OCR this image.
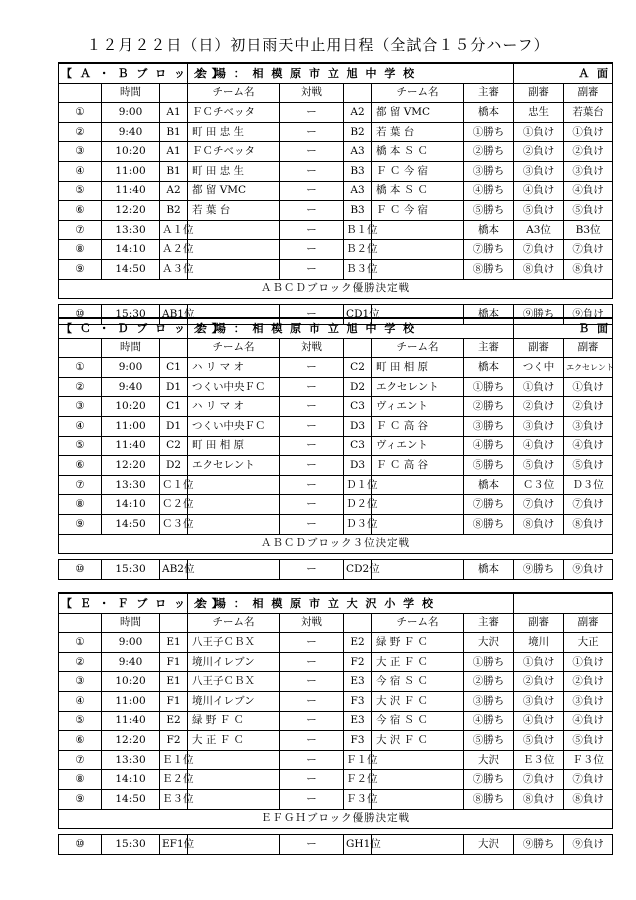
１２月２２日（日）初日雨天中止用日程（全試合１５分ハーフ）
【 Ａ ・ Ｂ ブ ロ ッ ク 】			会 場 ： 相 模 原 市 立 旭 中 学 校					Ａ 面	
	時間		チーム名	対戦		チーム名	主審	副審	副審
①	9:00	A1	ＦＣチベッタ	ー	A2	都 留 VMC	橋本	忠生	若葉台
②	9:40	B1	町 田 忠 生	ー	B2	若 葉 台	①勝ち	①負け	①負け
③	10:20	A1	ＦＣチベッタ	ー	A3	橋 本 Ｓ Ｃ	②勝ち	②負け	②負け
④	11:00	B1	町 田 忠 生	ー	B3	Ｆ Ｃ 今 宿	③勝ち	③負け	③負け
⑤	11:40	A2	都 留 VMC	ー	A3	橋 本 Ｓ Ｃ	④勝ち	④負け	④負け
⑥	12:20	B2	若 葉 台	ー	B3	Ｆ Ｃ 今 宿	⑤勝ち	⑤負け	⑤負け
⑦	13:30	Ａ１位		ー	Ｂ１位		橋本	A3位	B3位
⑧	14:10	Ａ２位		ー	Ｂ２位		⑦勝ち	⑦負け	⑦負け
⑨	14:50	Ａ３位		ー	Ｂ３位		⑧勝ち	⑧負け	⑧負け
ＡＢＣＤブロック優勝決定戦									

⑩	15:30	AB1位		ー	CD1位		橋本	⑨勝ち	⑨負け
【 Ｃ ・ Ｄ ブ ロ ッ ク 】			会 場 ： 相 模 原 市 立 旭 中 学 校					Ｂ 面	
	時間		チーム名	対戦		チーム名	主審	副審	副審
①	9:00	C1	ハ リ マ オ	ー	C2	町 田 相 原	橋本	つく中	エクセレント
②	9:40	D1	つくい中央ＦＣ	ー	D2	エクセレント	①勝ち	①負け	①負け
③	10:20	C1	ハ リ マ オ	ー	C3	ヴィエント	②勝ち	②負け	②負け
④	11:00	D1	つくい中央ＦＣ	ー	D3	Ｆ Ｃ 高 谷	③勝ち	③負け	③負け
⑤	11:40	C2	町 田 相 原	ー	C3	ヴィエント	④勝ち	④負け	④負け
⑥	12:20	D2	エクセレント	ー	D3	Ｆ Ｃ 高 谷	⑤勝ち	⑤負け	⑤負け
⑦	13:30	Ｃ１位		ー	Ｄ１位		橋本	Ｃ３位	Ｄ３位
⑧	14:10	Ｃ２位		ー	Ｄ２位		⑦勝ち	⑦負け	⑦負け
⑨	14:50	Ｃ３位		ー	Ｄ３位		⑧勝ち	⑧負け	⑧負け
ＡＢＣＤブロック３位決定戦									

⑩	15:30	AB2位		ー	CD2位		橋本	⑨勝ち	⑨負け
【 Ｅ ・ Ｆ ブ ロ ッ ク 】			会 場 ： 相 模 原 市 立 大 沢 小 学 校						
	時間		チーム名	対戦		チーム名	主審	副審	副審
①	9:00	E1	八王子ＣＢＸ	ー	E2	緑 野 Ｆ Ｃ	大沢	境川	大正
②	9:40	F1	境川イレブン	ー	F2	大 正 Ｆ Ｃ	①勝ち	①負け	①負け
③	10:20	E1	八王子ＣＢＸ	ー	E3	今 宿 Ｓ Ｃ	②勝ち	②負け	②負け
④	11:00	F1	境川イレブン	ー	F3	大 沢 Ｆ Ｃ	③勝ち	③負け	③負け
⑤	11:40	E2	緑 野 Ｆ Ｃ	ー	E3	今 宿 Ｓ Ｃ	④勝ち	④負け	④負け
⑥	12:20	F2	大 正 Ｆ Ｃ	ー	F3	大 沢 Ｆ Ｃ	⑤勝ち	⑤負け	⑤負け
⑦	13:30	Ｅ１位		ー	Ｆ１位		大沢	Ｅ３位	Ｆ３位
⑧	14:10	Ｅ２位		ー	Ｆ２位		⑦勝ち	⑦負け	⑦負け
⑨	14:50	Ｅ３位		ー	Ｆ３位		⑧勝ち	⑧負け	⑧負け
ＥＦＧＨブロック優勝決定戦									

⑩	15:30	EF1位		ー	GH1位		大沢	⑨勝ち	⑨負け
